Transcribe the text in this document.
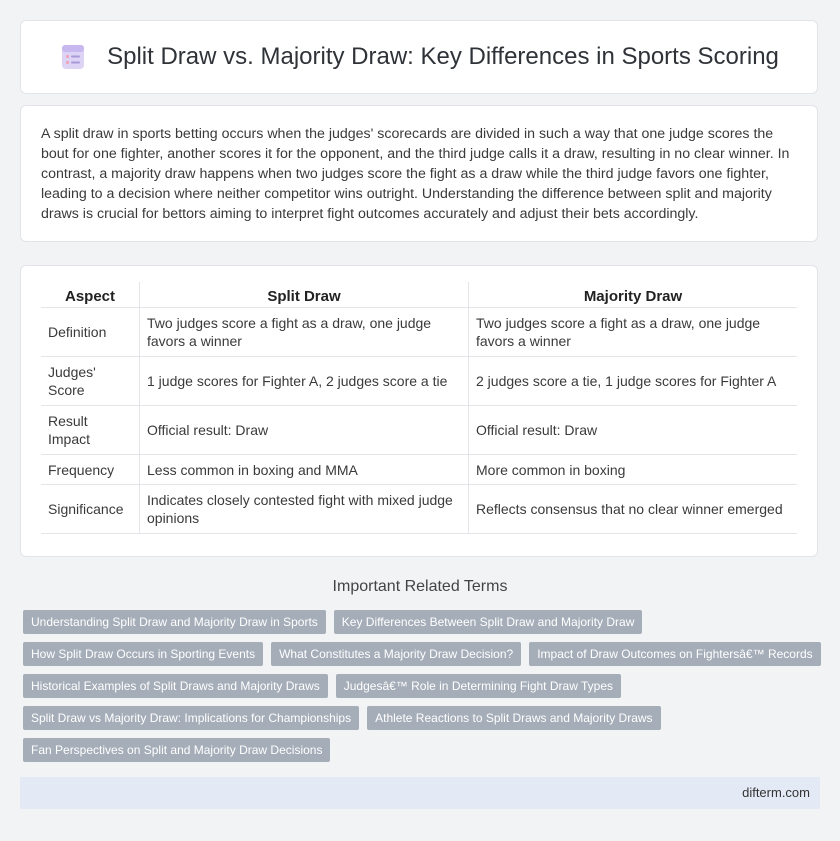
Split Draw vs. Majority Draw: Key Differences in Sports Scoring

A split draw in sports betting occurs when the judges' scorecards are divided in such a way that one judge scores the bout for one fighter, another scores it for the opponent, and the third judge calls it a draw, resulting in no clear winner. In contrast, a majority draw happens when two judges score the fight as a draw while the third judge favors one fighter, leading to a decision where neither competitor wins outright. Understanding the difference between split and majority draws is crucial for bettors aiming to interpret fight outcomes accurately and adjust their bets accordingly.

Aspect	Split Draw	Majority Draw
Definition	Two judges score a fight as a draw, one judge favors a winner	Two judges score a fight as a draw, one judge favors a winner
Judges' Score	1 judge scores for Fighter A, 2 judges score a tie	2 judges score a tie, 1 judge scores for Fighter A
Result Impact	Official result: Draw	Official result: Draw
Frequency	Less common in boxing and MMA	More common in boxing
Significance	Indicates closely contested fight with mixed judge opinions	Reflects consensus that no clear winner emerged
Important Related Terms
Understanding Split Draw and Majority Draw in Sports	Key Differences Between Split Draw and Majority Draw
How Split Draw Occurs in Sporting Events	What Constitutes a Majority Draw Decision?	Impact of Draw Outcomes on Fightersâ€™ Records
Historical Examples of Split Draws and Majority Draws	Judgesâ€™ Role in Determining Fight Draw Types
Split Draw vs Majority Draw: Implications for Championships	Athlete Reactions to Split Draws and Majority Draws
Fan Perspectives on Split and Majority Draw Decisions
difterm.com
